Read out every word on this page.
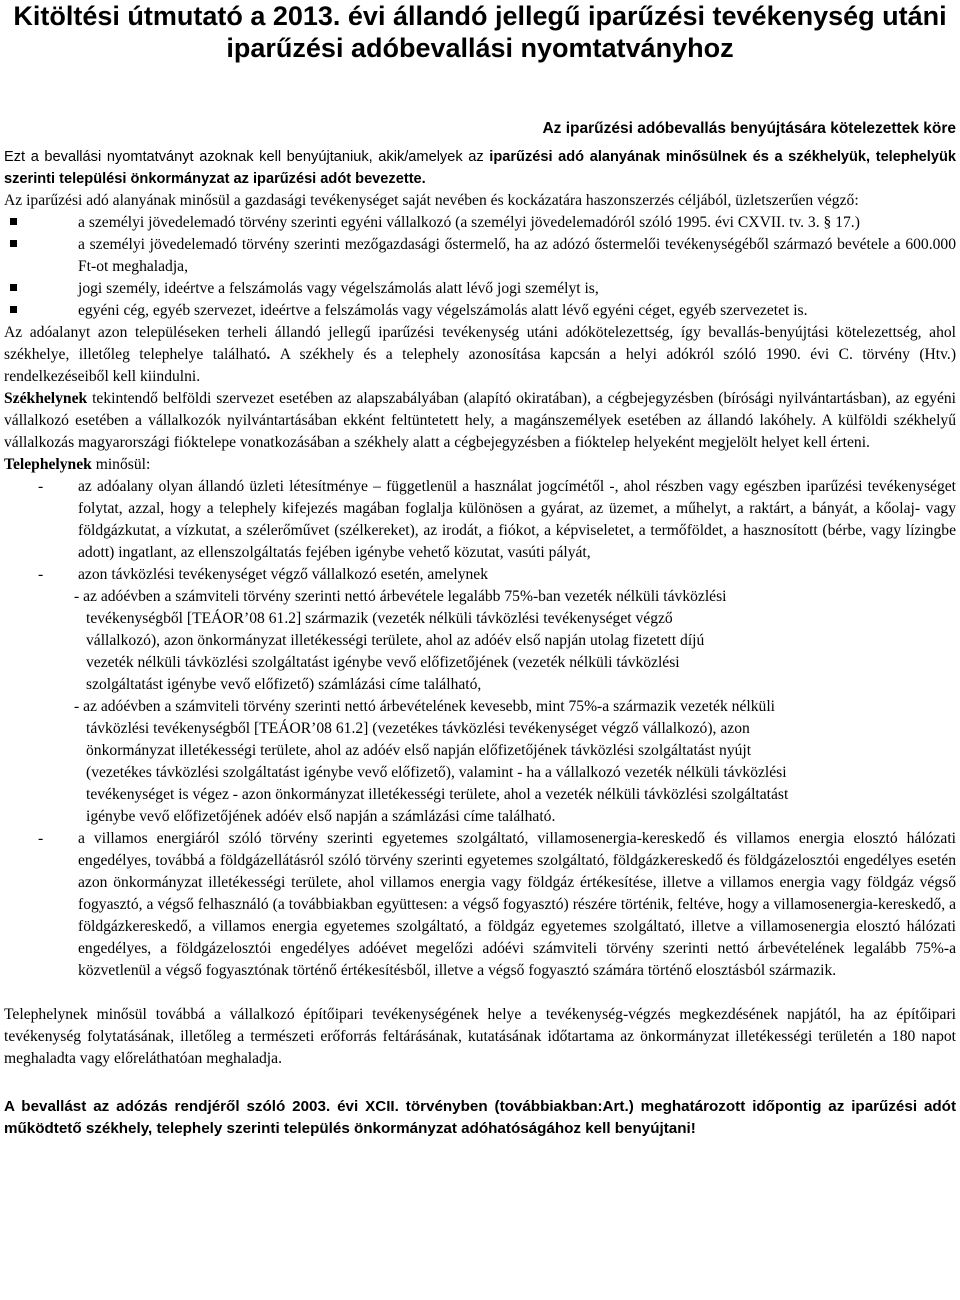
Kitöltési útmutató a 2013. évi állandó jellegű iparűzési tevékenység utáni iparűzési adóbevallási nyomtatványhoz
Az iparűzési adóbevallás benyújtására kötelezettek köre

Ezt a bevallási nyomtatványt azoknak kell benyújtaniuk, akik/amelyek az iparűzési adó alanyának minősülnek és a székhelyük, telephelyük szerinti települési önkormányzat az iparűzési adót bevezette.

Az iparűzési adó alanyának minősül a gazdasági tevékenységet saját nevében és kockázatára haszonszerzés céljából, üzletszerűen végző:

a személyi jövedelemadó törvény szerinti egyéni vállalkozó (a személyi jövedelemadóról szóló 1995. évi CXVII. tv. 3. § 17.)
a személyi jövedelemadó törvény szerinti mezőgazdasági őstermelő, ha az adózó őstermelői tevékenységéből származó bevétele a 600.000 Ft-ot meghaladja,
jogi személy, ideértve a felszámolás vagy végelszámolás alatt lévő jogi személyt is,
egyéni cég, egyéb szervezet, ideértve a felszámolás vagy végelszámolás alatt lévő egyéni céget, egyéb szervezetet is.

Az adóalanyt azon településeken terheli állandó jellegű iparűzési tevékenység utáni adókötelezettség, így bevallás-benyújtási kötelezettség, ahol székhelye, illetőleg telephelye található. A székhely és a telephely azonosítása kapcsán a helyi adókról szóló 1990. évi C. törvény (Htv.) rendelkezéseiből kell kiindulni.

Székhelynek tekintendő belföldi szervezet esetében az alapszabályában (alapító okiratában), a cégbejegyzésben (bírósági nyilvántartásban), az egyéni vállalkozó esetében a vállalkozók nyilvántartásában ekként feltüntetett hely, a magánszemélyek esetében az állandó lakóhely. A külföldi székhelyű vállalkozás magyarországi fióktelepe vonatkozásában a székhely alatt a cégbejegyzésben a fióktelep helyeként megjelölt helyet kell érteni.

Telephelynek minősül:

- az adóalany olyan állandó üzleti létesítménye – függetlenül a használat jogcímétől -, ahol részben vagy egészben iparűzési tevékenységet folytat, azzal, hogy a telephely kifejezés magában foglalja különösen a gyárat, az üzemet, a műhelyt, a raktárt, a bányát, a kőolaj- vagy földgázkutat, a vízkutat, a szélerőművet (szélkereket), az irodát, a fiókot, a képviseletet, a termőföldet, a hasznosított (bérbe, vagy lízingbe adott) ingatlant, az ellenszolgáltatás fejében igénybe vehető közutat, vasúti pályát,
- azon távközlési tevékenységet végző vállalkozó esetén, amelynek
- az adóévben a számviteli törvény szerinti nettó árbevétele legalább 75%-ban vezeték nélküli távközlési
tevékenységből [TEÁOR’08 61.2] származik (vezeték nélküli távközlési tevékenységet végző
vállalkozó), azon önkormányzat illetékességi területe, ahol az adóév első napján utolag fizetett díjú
vezeték nélküli távközlési szolgáltatást igénybe vevő előfizetőjének (vezeték nélküli távközlési
szolgáltatást igénybe vevő előfizető) számlázási címe található,
- az adóévben a számviteli törvény szerinti nettó árbevételének kevesebb, mint 75%-a származik vezeték nélküli
távközlési tevékenységből [TEÁOR’08 61.2] (vezetékes távközlési tevékenységet végző vállalkozó), azon
önkormányzat illetékességi területe, ahol az adóév első napján előfizetőjének távközlési szolgáltatást nyújt
(vezetékes távközlési szolgáltatást igénybe vevő előfizető), valamint - ha a vállalkozó vezeték nélküli távközlési
tevékenységet is végez - azon önkormányzat illetékességi területe, ahol a vezeték nélküli távközlési szolgáltatást
igénybe vevő előfizetőjének adóév első napján a számlázási címe található.
- a villamos energiáról szóló törvény szerinti egyetemes szolgáltató, villamosenergia-kereskedő és villamos energia elosztó hálózati engedélyes, továbbá a földgázellátásról szóló törvény szerinti egyetemes szolgáltató, földgázkereskedő és földgázelosztói engedélyes esetén azon önkormányzat illetékességi területe, ahol villamos energia vagy földgáz értékesítése, illetve a villamos energia vagy földgáz végső fogyasztó, a végső felhasználó (a továbbiakban együttesen: a végső fogyasztó) részére történik, feltéve, hogy a villamosenergia-kereskedő, a földgázkereskedő, a villamos energia egyetemes szolgáltató, a földgáz egyetemes szolgáltató, illetve a villamosenergia elosztó hálózati engedélyes, a földgázelosztói engedélyes adóévet megelőzi adóévi számviteli törvény szerinti nettó árbevételének legalább 75%-a közvetlenül a végső fogyasztónak történő értékesítésből, illetve a végső fogyasztó számára történő elosztásból származik.

Telephelynek minősül továbbá a vállalkozó építőipari tevékenységének helye a tevékenység-végzés megkezdésének napjától, ha az építőipari tevékenység folytatásának, illetőleg a természeti erőforrás feltárásának, kutatásának időtartama az önkormányzat illetékességi területén a 180 napot meghaladta vagy előreláthatóan meghaladja.

A bevallást az adózás rendjéről szóló 2003. évi XCII. törvényben (továbbiakban:Art.) meghatározott időpontig az iparűzési adót működtető székhely, telephely szerinti település önkormányzat adóhatóságához kell benyújtani!
